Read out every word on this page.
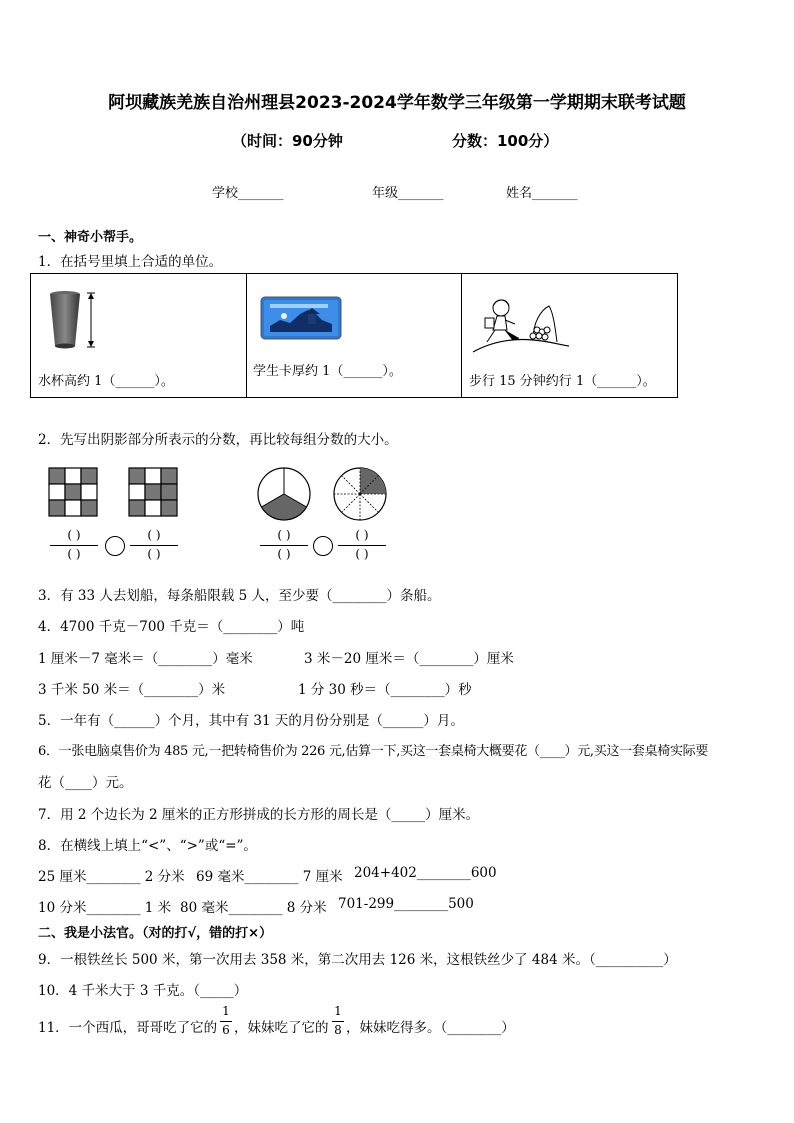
阿坝藏族羌族自治州理县2023-2024学年数学三年级第一学期期末联考试题
（时间：90分钟	分数：100分）
学校_______	年级_______	姓名_______
一、神奇小帮手。
1．在括号里填上合适的单位。
水杯高约 1（______）。
学生卡厚约 1（______）。
步行 15 分钟约行 1（______）。
2．先写出阴影部分所表示的分数，再比较每组分数的大小。
( )
( )
( )
( )
( )
( )
( )
( )
3．有 33 人去划船，每条船限载 5 人，至少要（________）条船。
4．4700 千克－700 千克＝（________）吨
1 厘米－7 毫米＝（________）毫米	3 米－20 厘米＝（________）厘米
3 千米 50 米＝（________）米	1 分 30 秒＝（________）秒
5．一年有（______）个月，其中有 31 天的月份分别是（______）月。
6．一张电脑桌售价为 485 元,一把转椅售价为 226 元,估算一下,买这一套桌椅大概要花（____）元,买这一套桌椅实际要
花（____）元。
7．用 2 个边长为 2 厘米的正方形拼成的长方形的周长是（_____）厘米。
8．在横线上填上“<”、“>”或“=”。
25 厘米________ 2 分米 69 毫米________ 7 厘米 204+402________600
10 分米________ 1 米 80 毫米________ 8 分米 701-299________500
二、我是小法官。（对的打√，错的打×）
9．一根铁丝长 500 米，第一次用去 358 米，第二次用去 126 米，这根铁丝少了 484 米。（__________）
10．4 千米大于 3 千克。（_____）
11．一个西瓜，哥哥吃了它的
1
6 ，妹妹吃了它的
1
8 ，妹妹吃得多。（________）
